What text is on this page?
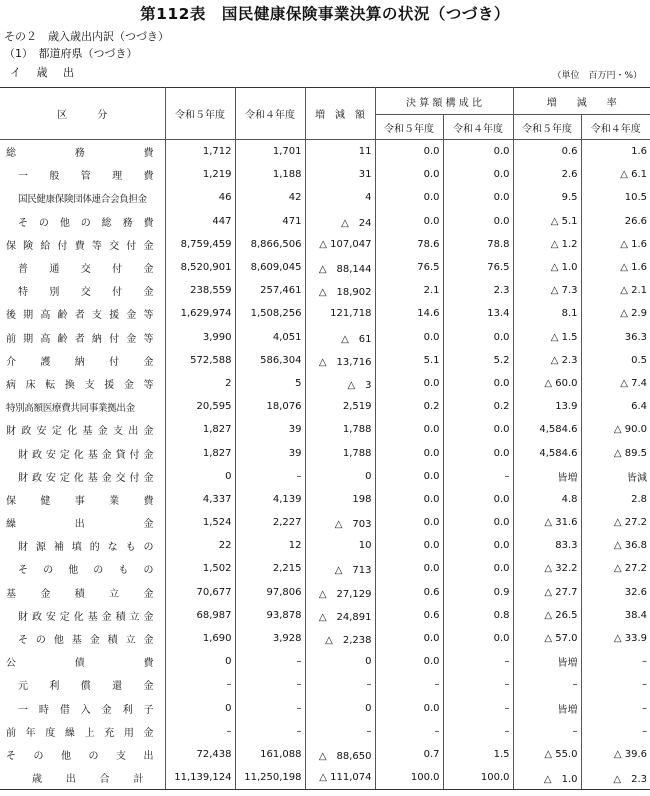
第112表　国民健康保険事業決算の状況（つづき）
その２　歳入歳出内訳（つづき）
（1）　都道府県（つづき）
イ 歳 出	（単位　百万円・%）
区　　　分	令和５年度	令和４年度	増　減　額	決 算 額 構 成 比		増　　減　　率	
				令和５年度	令和４年度	令和５年度	令和４年度

総務費	1,712	1,701	11	0.0	0.0	0.6	1.6

一般管理費	1,219	1,188	31	0.0	0.0	2.6	△ 6.1

国民健康保険団体連合会負担金	46	42	4	0.0	0.0	9.5	10.5

その他の総務費	447	471	△　24	0.0	0.0	△ 5.1	26.6

保険給付費等交付金	8,759,459	8,866,506	△ 107,047	78.6	78.8	△ 1.2	△ 1.6

普通交付金	8,520,901	8,609,045	△　88,144	76.5	76.5	△ 1.0	△ 1.6

特別交付金	238,559	257,461	△　18,902	2.1	2.3	△ 7.3	△ 2.1

後期高齢者支援金等	1,629,974	1,508,256	121,718	14.6	13.4	8.1	△ 2.9

前期高齢者納付金等	3,990	4,051	△　61	0.0	0.0	△ 1.5	36.3

介護納付金	572,588	586,304	△　13,716	5.1	5.2	△ 2.3	0.5

病床転換支援金等	2	5	△　3	0.0	0.0	△ 60.0	△ 7.4

特別高額医療費共同事業拠出金	20,595	18,076	2,519	0.2	0.2	13.9	6.4

財政安定化基金支出金	1,827	39	1,788	0.0	0.0	4,584.6	△ 90.0

財政安定化基金貸付金	1,827	39	1,788	0.0	0.0	4,584.6	△ 89.5

財政安定化基金交付金	0	–	0	0.0	–	皆増	皆減

保健事業費	4,337	4,139	198	0.0	0.0	4.8	2.8

繰出金	1,524	2,227	△　703	0.0	0.0	△ 31.6	△ 27.2

財源補填的なもの	22	12	10	0.0	0.0	83.3	△ 36.8

その他のもの	1,502	2,215	△　713	0.0	0.0	△ 32.2	△ 27.2

基金積立金	70,677	97,806	△　27,129	0.6	0.9	△ 27.7	32.6

財政安定化基金積立金	68,987	93,878	△　24,891	0.6	0.8	△ 26.5	38.4

その他基金積立金	1,690	3,928	△　2,238	0.0	0.0	△ 57.0	△ 33.9

公債費	0	–	0	0.0	–	皆増	–

元利償還金	–	–	–	–	–	–	–

一時借入金利子	0	–	0	0.0	–	皆増	–

前年度繰上充用金	–	–	–	–	–	–	–

その他の支出	72,438	161,088	△　88,650	0.7	1.5	△ 55.0	△ 39.6

歳出合計	11,139,124	11,250,198	△ 111,074	100.0	100.0	△　1.0	△　2.3
